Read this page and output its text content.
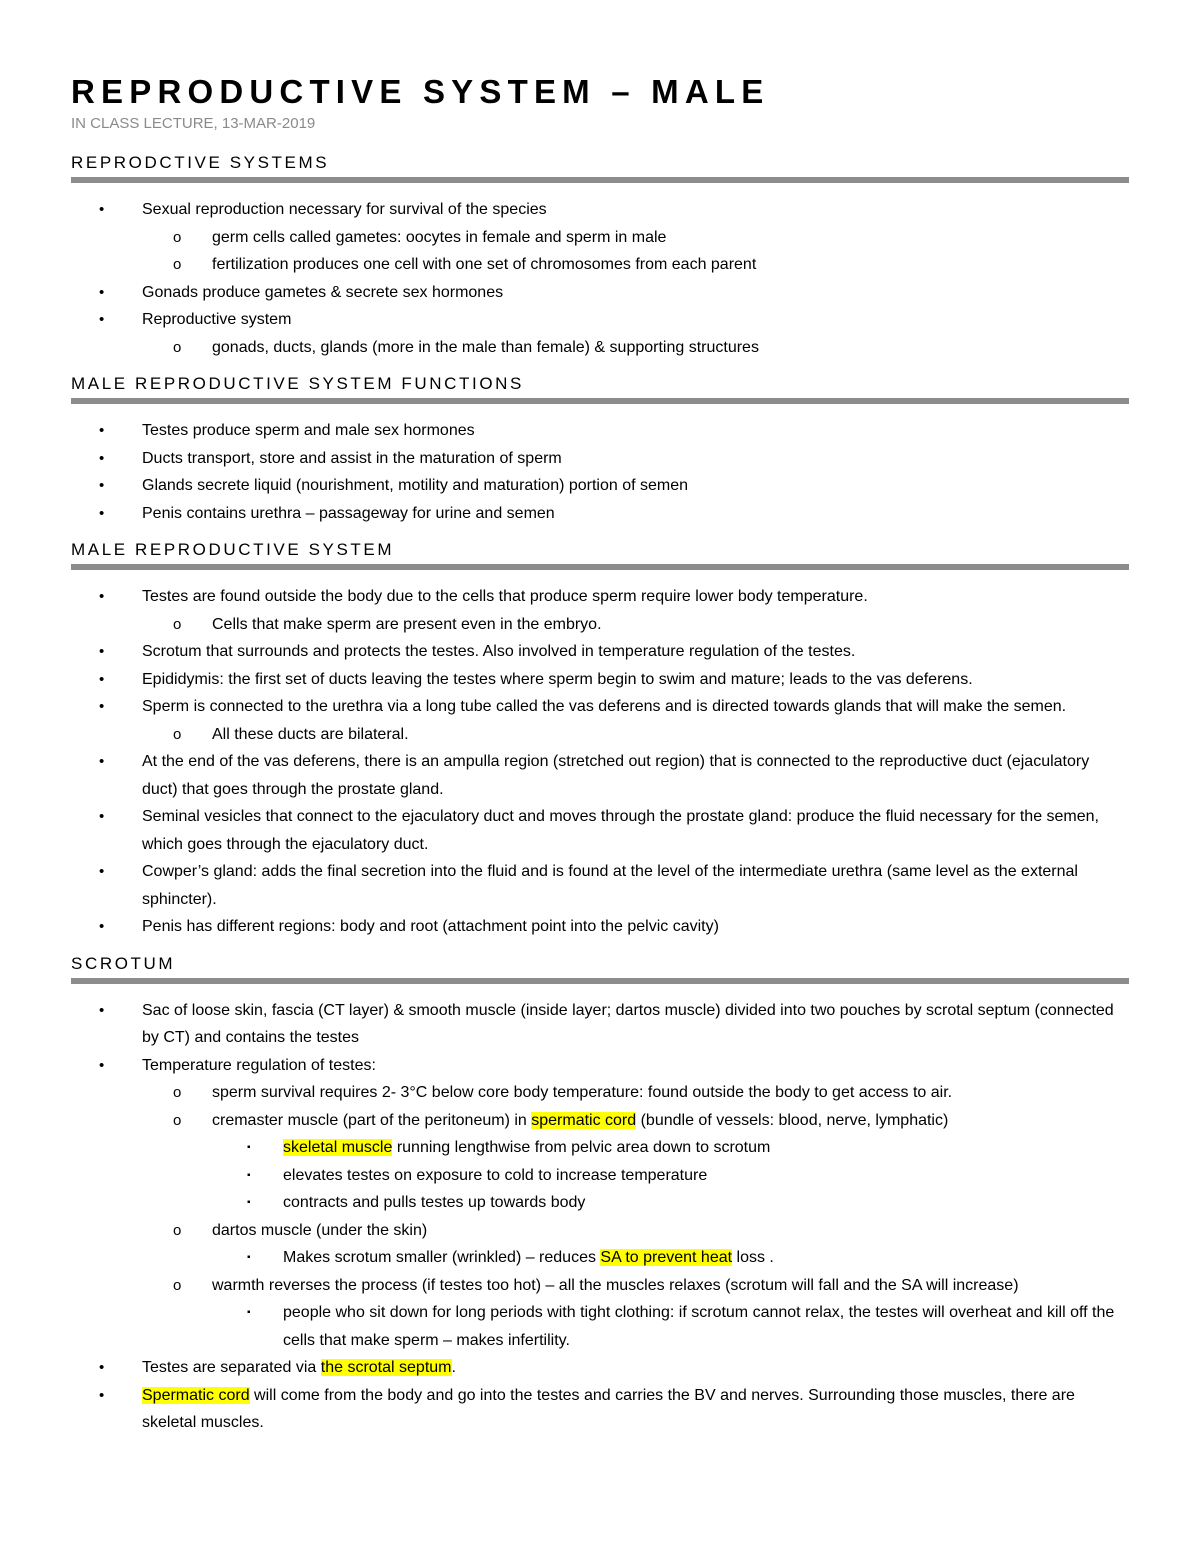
REPRODUCTIVE SYSTEM – MALE
IN CLASS LECTURE, 13-MAR-2019
REPRODCTIVE SYSTEMS
• Sexual reproduction necessary for survival of the species
o germ cells called gametes: oocytes in female and sperm in male
o fertilization produces one cell with one set of chromosomes from each parent
• Gonads produce gametes & secrete sex hormones
• Reproductive system
o gonads, ducts, glands (more in the male than female) & supporting structures
MALE REPRODUCTIVE SYSTEM FUNCTIONS
• Testes produce sperm and male sex hormones
• Ducts transport, store and assist in the maturation of sperm
• Glands secrete liquid (nourishment, motility and maturation) portion of semen
• Penis contains urethra – passageway for urine and semen
MALE REPRODUCTIVE SYSTEM
• Testes are found outside the body due to the cells that produce sperm require lower body temperature.
o Cells that make sperm are present even in the embryo.
• Scrotum that surrounds and protects the testes. Also involved in temperature regulation of the testes.
• Epididymis: the first set of ducts leaving the testes where sperm begin to swim and mature; leads to the vas deferens.
• Sperm is connected to the urethra via a long tube called the vas deferens and is directed towards glands that will make the semen.
o All these ducts are bilateral.
• At the end of the vas deferens, there is an ampulla region (stretched out region) that is connected to the reproductive duct (ejaculatory duct) that goes through the prostate gland.
• Seminal vesicles that connect to the ejaculatory duct and moves through the prostate gland: produce the fluid necessary for the semen, which goes through the ejaculatory duct.
• Cowper’s gland: adds the final secretion into the fluid and is found at the level of the intermediate urethra (same level as the external sphincter).
• Penis has different regions: body and root (attachment point into the pelvic cavity)
SCROTUM
• Sac of loose skin, fascia (CT layer) & smooth muscle (inside layer; dartos muscle) divided into two pouches by scrotal septum (connected by CT) and contains the testes
• Temperature regulation of testes:
o sperm survival requires 2- 3°C below core body temperature: found outside the body to get access to air.
o cremaster muscle (part of the peritoneum) in spermatic cord (bundle of vessels: blood, nerve, lymphatic)
▪ skeletal muscle running lengthwise from pelvic area down to scrotum
▪ elevates testes on exposure to cold to increase temperature
▪ contracts and pulls testes up towards body
o dartos muscle (under the skin)
▪ Makes scrotum smaller (wrinkled) – reduces SA to prevent heat loss .
o warmth reverses the process (if testes too hot) – all the muscles relaxes (scrotum will fall and the SA will increase)
▪ people who sit down for long periods with tight clothing: if scrotum cannot relax, the testes will overheat and kill off the cells that make sperm – makes infertility.
• Testes are separated via the scrotal septum.
• Spermatic cord will come from the body and go into the testes and carries the BV and nerves. Surrounding those muscles, there are skeletal muscles.
